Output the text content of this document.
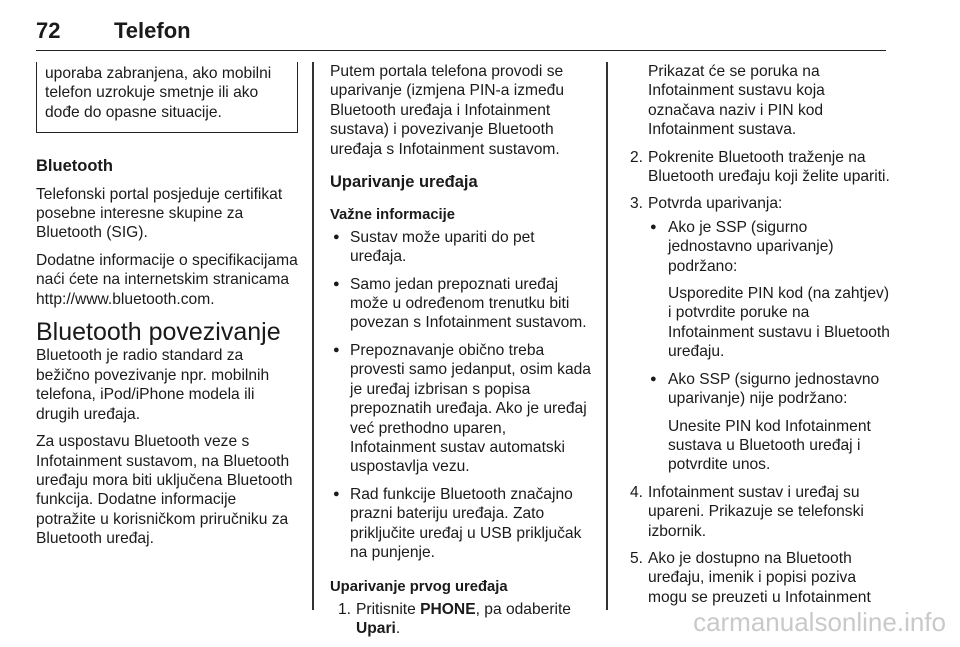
72 Telefon
uporaba zabranjena, ako mobilni telefon uzrokuje smetnje ili ako dođe do opasne situacije.
Bluetooth

Telefonski portal posjeduje certifikat posebne interesne skupine za Bluetooth (SIG).

Dodatne informacije o specifikacijama naći ćete na internetskim stranicama http://www.bluetooth.com.

Bluetooth povezivanje

Bluetooth je radio standard za bežično povezivanje npr. mobilnih telefona, iPod/iPhone modela ili drugih uređaja.

Za uspostavu Bluetooth veze s Infotainment sustavom, na Bluetooth uređaju mora biti uključena Bluetooth funkcija. Dodatne informacije potražite u korisničkom priručniku za Bluetooth uređaj.

Putem portala telefona provodi se uparivanje (izmjena PIN-a između Bluetooth uređaja i Infotainment sustava) i povezivanje Bluetooth uređaja s Infotainment sustavom.

Uparivanje uređaja
Važne informacije
● Sustav može upariti do pet uređaja.
● Samo jedan prepoznati uređaj može u određenom trenutku biti povezan s Infotainment sustavom.
● Prepoznavanje obično treba provesti samo jedanput, osim kada je uređaj izbrisan s popisa prepoznatih uređaja. Ako je uređaj već prethodno uparen, Infotainment sustav automatski uspostavlja vezu.
● Rad funkcije Bluetooth značajno prazni bateriju uređaja. Zato priključite uređaj u USB priključak na punjenje.
Uparivanje prvog uređaja
1. Pritisnite PHONE, pa odaberite Upari.

Prikazat će se poruka na Infotainment sustavu koja označava naziv i PIN kod Infotainment sustava.

2. Pokrenite Bluetooth traženje na Bluetooth uređaju koji želite upariti.
3. Potvrda uparivanja:
● Ako je SSP (sigurno jednostavno uparivanje) podržano:

Usporedite PIN kod (na zahtjev) i potvrdite poruke na Infotainment sustavu i Bluetooth uređaju.

● Ako SSP (sigurno jednostavno uparivanje) nije podržano:

Unesite PIN kod Infotainment sustava u Bluetooth uređaj i potvrdite unos.

4. Infotainment sustav i uređaj su upareni. Prikazuje se telefonski izbornik.
5. Ako je dostupno na Bluetooth uređaju, imenik i popisi poziva mogu se preuzeti u Infotainment
carmanualsonline.info
